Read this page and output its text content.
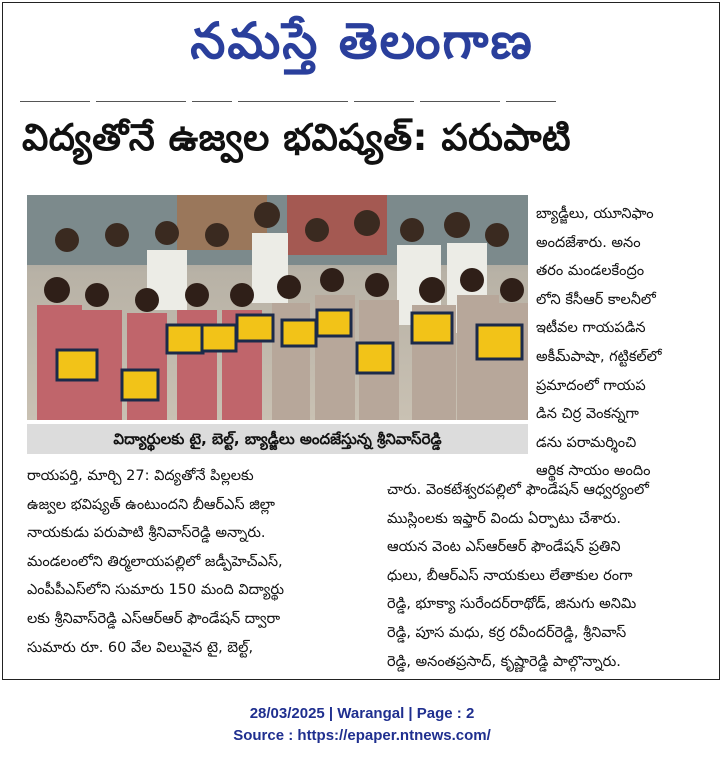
నమస్తే తెలంగాణ
విద్యతోనే ఉజ్వల భవిష్యత్: పరుపాటి
విద్యార్థులకు టై, బెల్ట్, బ్యాడ్జీలు అందజేస్తున్న శ్రీనివాస్‌రెడ్డి
బ్యాడ్జీలు, యూనిఫాం
అందజేశారు. అనం
తరం మండలకేంద్రం
లోని కేసీఆర్ కాలనీలో
ఇటీవల గాయపడిన
అకీమ్‌పాషా, గట్టికల్‌లో
ప్రమాదంలో గాయప
డిన చిర్ర వెంకన్నగా
డను పరామర్శించి
ఆర్థిక సాయం అందిం
రాయపర్తి, మార్చి 27: విద్యతోనే పిల్లలకు
ఉజ్వల భవిష్యత్ ఉంటుందని బీఆర్‌ఎస్ జిల్లా
నాయకుడు పరుపాటి శ్రీనివాస్‌రెడ్డి అన్నారు.
మండలంలోని తిర్మలాయపల్లిలో జడ్పీహెచ్‌ఎస్,
ఎంపీపీఎస్‌లోని సుమారు 150 మంది విద్యార్థు
లకు శ్రీనివాస్‌రెడ్డి ఎస్‌ఆర్‌ఆర్ ఫౌండేషన్ ద్వారా
సుమారు రూ. 60 వేల విలువైన టై, బెల్ట్,
చారు. వెంకటేశ్వరపల్లిలో ఫౌండేషన్ ఆధ్వర్యంలో
ముస్లింలకు ఇఫ్తార్ విందు ఏర్పాటు చేశారు.
ఆయన వెంట ఎస్‌ఆర్‌ఆర్ ఫౌండేషన్ ప్రతిని
ధులు, బీఆర్‌ఎస్ నాయకులు లేతాకుల రంగా
రెడ్డి, భూక్యా సురేందర్‌రాథోడ్, జినుగు అనిమి
రెడ్డి, పూస మధు, కర్ర రవీందర్‌రెడ్డి, శ్రీనివాస్
రెడ్డి, అనంతప్రసాద్, కృష్ణారెడ్డి పాల్గొన్నారు.
28/03/2025 | Warangal | Page : 2
Source : https://epaper.ntnews.com/
